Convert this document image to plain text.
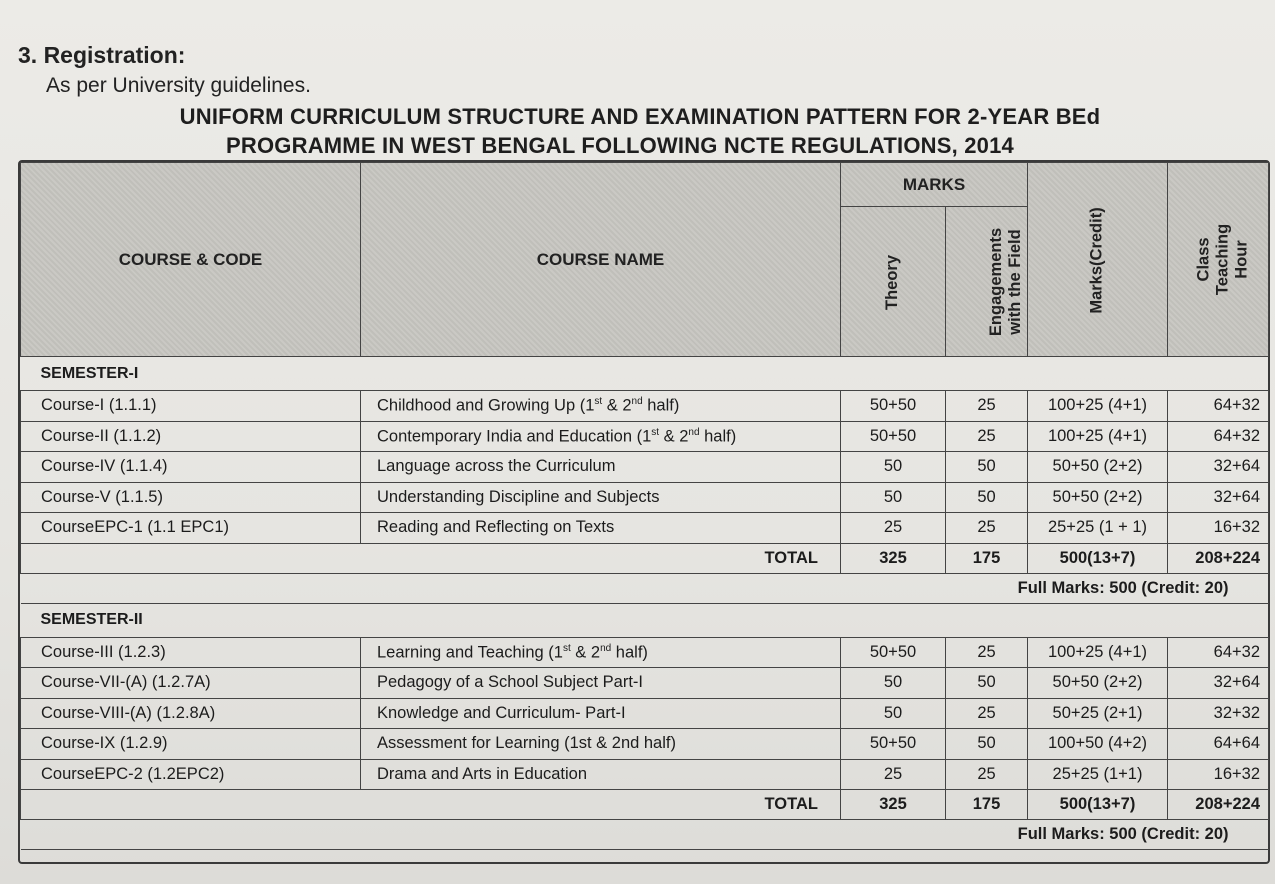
3. Registration:
As per University guidelines.
UNIFORM CURRICULUM STRUCTURE AND EXAMINATION PATTERN FOR 2-YEAR BEd
PROGRAMME IN WEST BENGAL FOLLOWING NCTE REGULATIONS, 2014
COURSE & CODE	COURSE NAME	MARKS		Marks(Credit)	Class Teaching Hour
		Theory	Engagements with the Field		
SEMESTER-I					
Course-I (1.1.1)	Childhood and Growing Up (1st & 2nd half)	50+50	25	100+25 (4+1)	64+32
Course-II (1.1.2)	Contemporary India and Education (1st & 2nd half)	50+50	25	100+25 (4+1)	64+32
Course-IV (1.1.4)	Language across the Curriculum	50	50	50+50 (2+2)	32+64
Course-V (1.1.5)	Understanding Discipline and Subjects	50	50	50+50 (2+2)	32+64
CourseEPC-1 (1.1 EPC1)	Reading and Reflecting on Texts	25	25	25+25 (1 + 1)	16+32
TOTAL		325	175	500(13+7)	208+224
Full Marks: 500 (Credit: 20)					
SEMESTER-II					
Course-III (1.2.3)	Learning and Teaching (1st & 2nd half)	50+50	25	100+25 (4+1)	64+32
Course-VII-(A) (1.2.7A)	Pedagogy of a School Subject Part-I	50	50	50+50 (2+2)	32+64
Course-VIII-(A) (1.2.8A)	Knowledge and Curriculum- Part-I	50	25	50+25 (2+1)	32+32
Course-IX (1.2.9)	Assessment for Learning (1st & 2nd half)	50+50	50	100+50 (4+2)	64+64
CourseEPC-2 (1.2EPC2)	Drama and Arts in Education	25	25	25+25 (1+1)	16+32
TOTAL		325	175	500(13+7)	208+224
Full Marks: 500 (Credit: 20)					
